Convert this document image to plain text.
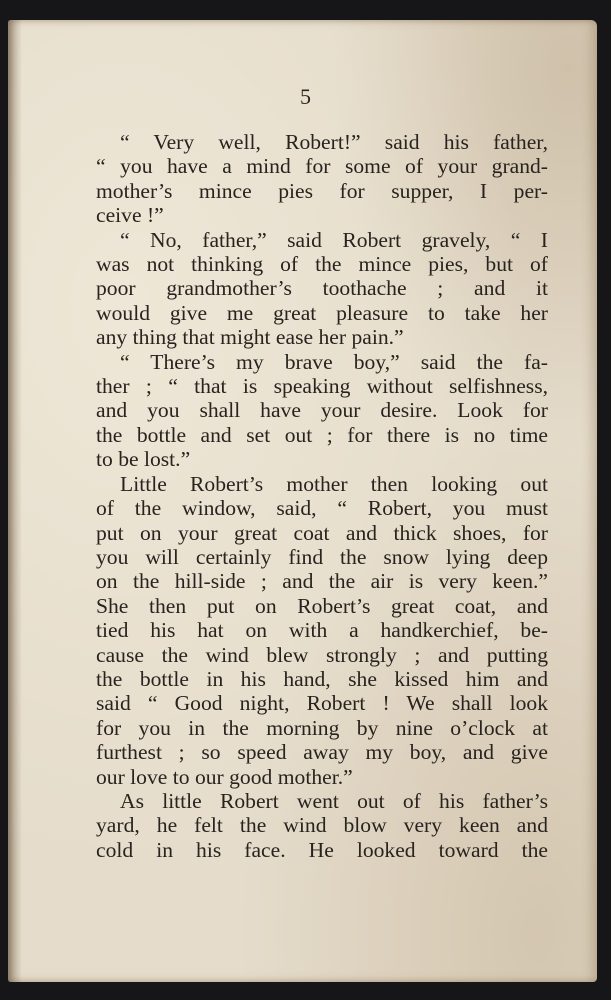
5

“ Very well, Robert!” said his father,
“ you have a mind for some of your grand-
mother’s mince pies for supper, I per-
ceive !”
“ No, father,” said Robert gravely, “ I
was not thinking of the mince pies, but of
poor grandmother’s toothache ; and it
would give me great pleasure to take her
any thing that might ease her pain.”
“ There’s my brave boy,” said the fa-
ther ; “ that is speaking without selfishness,
and you shall have your desire. Look for
the bottle and set out ; for there is no time
to be lost.”
Little Robert’s mother then looking out
of the window, said, “ Robert, you must
put on your great coat and thick shoes, for
you will certainly find the snow lying deep
on the hill-side ; and the air is very keen.”
She then put on Robert’s great coat, and
tied his hat on with a handkerchief, be-
cause the wind blew strongly ; and putting
the bottle in his hand, she kissed him and
said “ Good night, Robert ! We shall look
for you in the morning by nine o’clock at
furthest ; so speed away my boy, and give
our love to our good mother.”
As little Robert went out of his father’s
yard, he felt the wind blow very keen and
cold in his face. He looked toward the
